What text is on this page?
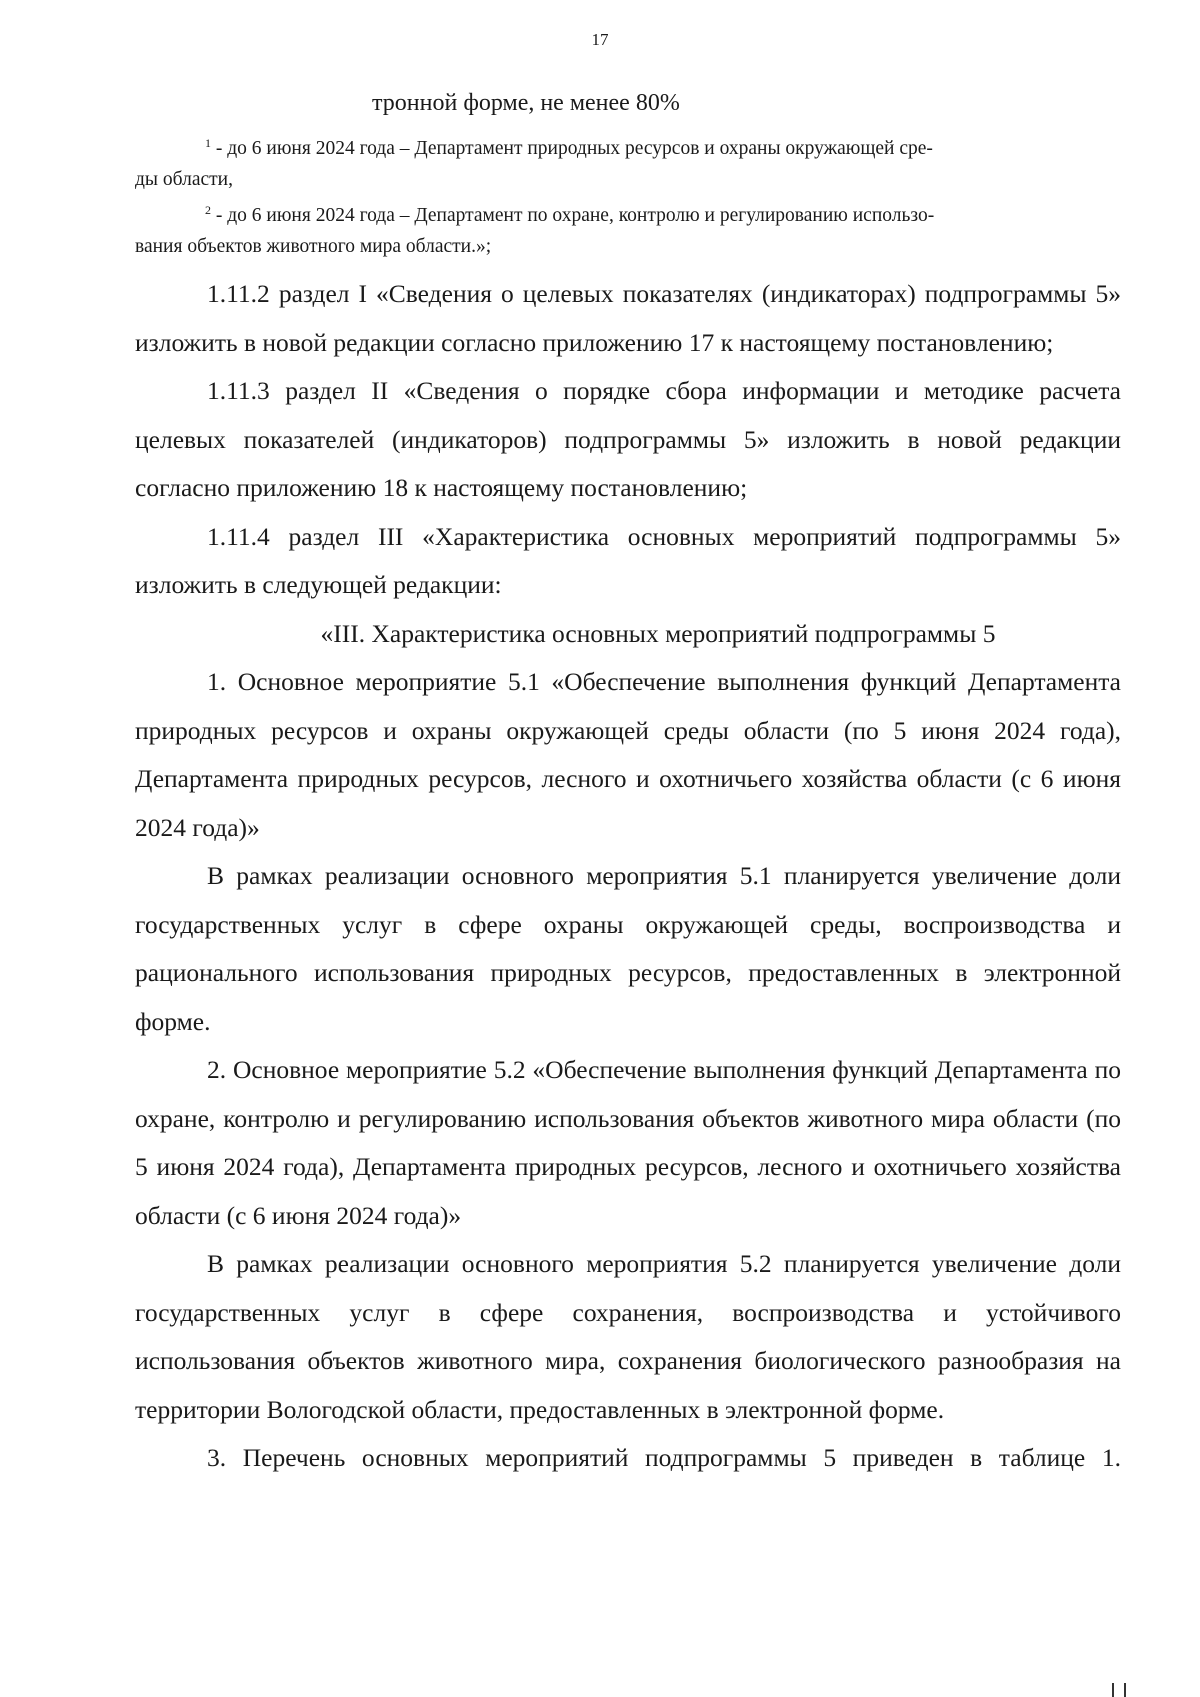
17
тронной форме, не менее 80%

$^1$ - до 6 июня 2024 года – Департамент природных ресурсов и охраны окружающей сре-

ды области,

$^2$ - до 6 июня 2024 года – Департамент по охране, контролю и регулированию использо-

вания объектов животного мира области.»;

1.11.2 раздел I «Сведения о целевых показателях (индикаторах) подпрограммы 5» изложить в новой редакции согласно приложению 17 к настоящему постановлению;

1.11.3 раздел II «Сведения о порядке сбора информации и методике расчета целевых показателей (индикаторов) подпрограммы 5» изложить в новой редакции согласно приложению 18 к настоящему постановлению;

1.11.4 раздел III «Характеристика основных мероприятий подпрограммы 5» изложить в следующей редакции:

«III. Характеристика основных мероприятий подпрограммы 5

1. Основное мероприятие 5.1 «Обеспечение выполнения функций Департамента природных ресурсов и охраны окружающей среды области (по 5 июня 2024 года), Департамента природных ресурсов, лесного и охотничьего хозяйства области (с 6 июня 2024 года)»

В рамках реализации основного мероприятия 5.1 планируется увеличение доли государственных услуг в сфере охраны окружающей среды, воспроизводства и рационального использования природных ресурсов, предоставленных в электронной форме.

2. Основное мероприятие 5.2 «Обеспечение выполнения функций Департамента по охране, контролю и регулированию использования объектов животного мира области (по 5 июня 2024 года), Департамента природных ресурсов, лесного и охотничьего хозяйства области (с 6 июня 2024 года)»

В рамках реализации основного мероприятия 5.2 планируется увеличение доли государственных услуг в сфере сохранения, воспроизводства и устойчивого использования объектов животного мира, сохранения биологического разнообразия на территории Вологодской области, предоставленных в электронной форме.

3. Перечень основных мероприятий подпрограммы 5 приведен в таблице 1.
